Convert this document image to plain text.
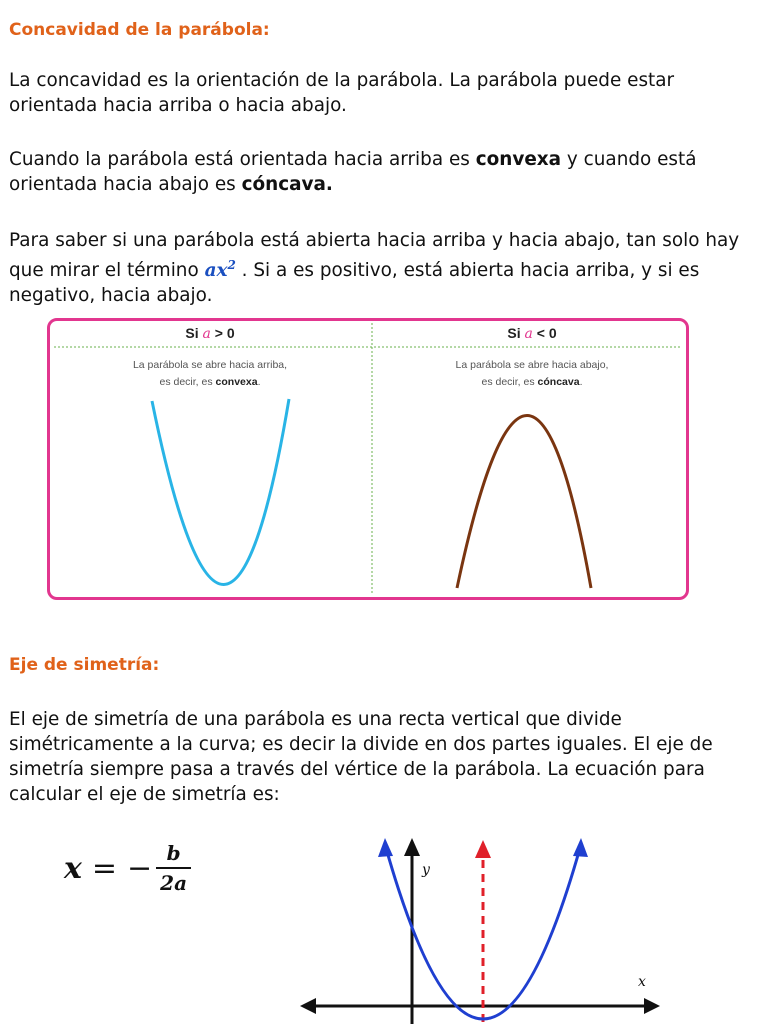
Concavidad de la parábola:

La concavidad es la orientación de la parábola. La parábola puede estar orientada hacia arriba o hacia abajo.

Cuando la parábola está orientada hacia arriba es convexa y cuando está orientada hacia abajo es cóncava.

Para saber si una parábola está abierta hacia arriba y hacia abajo, tan solo hay que mirar el término $ax^2$ . Si a es positivo, está abierta hacia arriba, y si es negativo, hacia abajo.

Si a > 0	Si a < 0
La parábola se abre hacia arriba,
es decir, es convexa.
La parábola se abre hacia abajo,
es decir, es cóncava.
Eje de simetría:

El eje de simetría de una parábola es una recta vertical que divide simétricamente a la curva; es decir la divide en dos partes iguales. El eje de simetría siempre pasa a través del vértice de la parábola. La ecuación para calcular el eje de simetría es:

x = − $\frac{b}{2a}$	y
x
